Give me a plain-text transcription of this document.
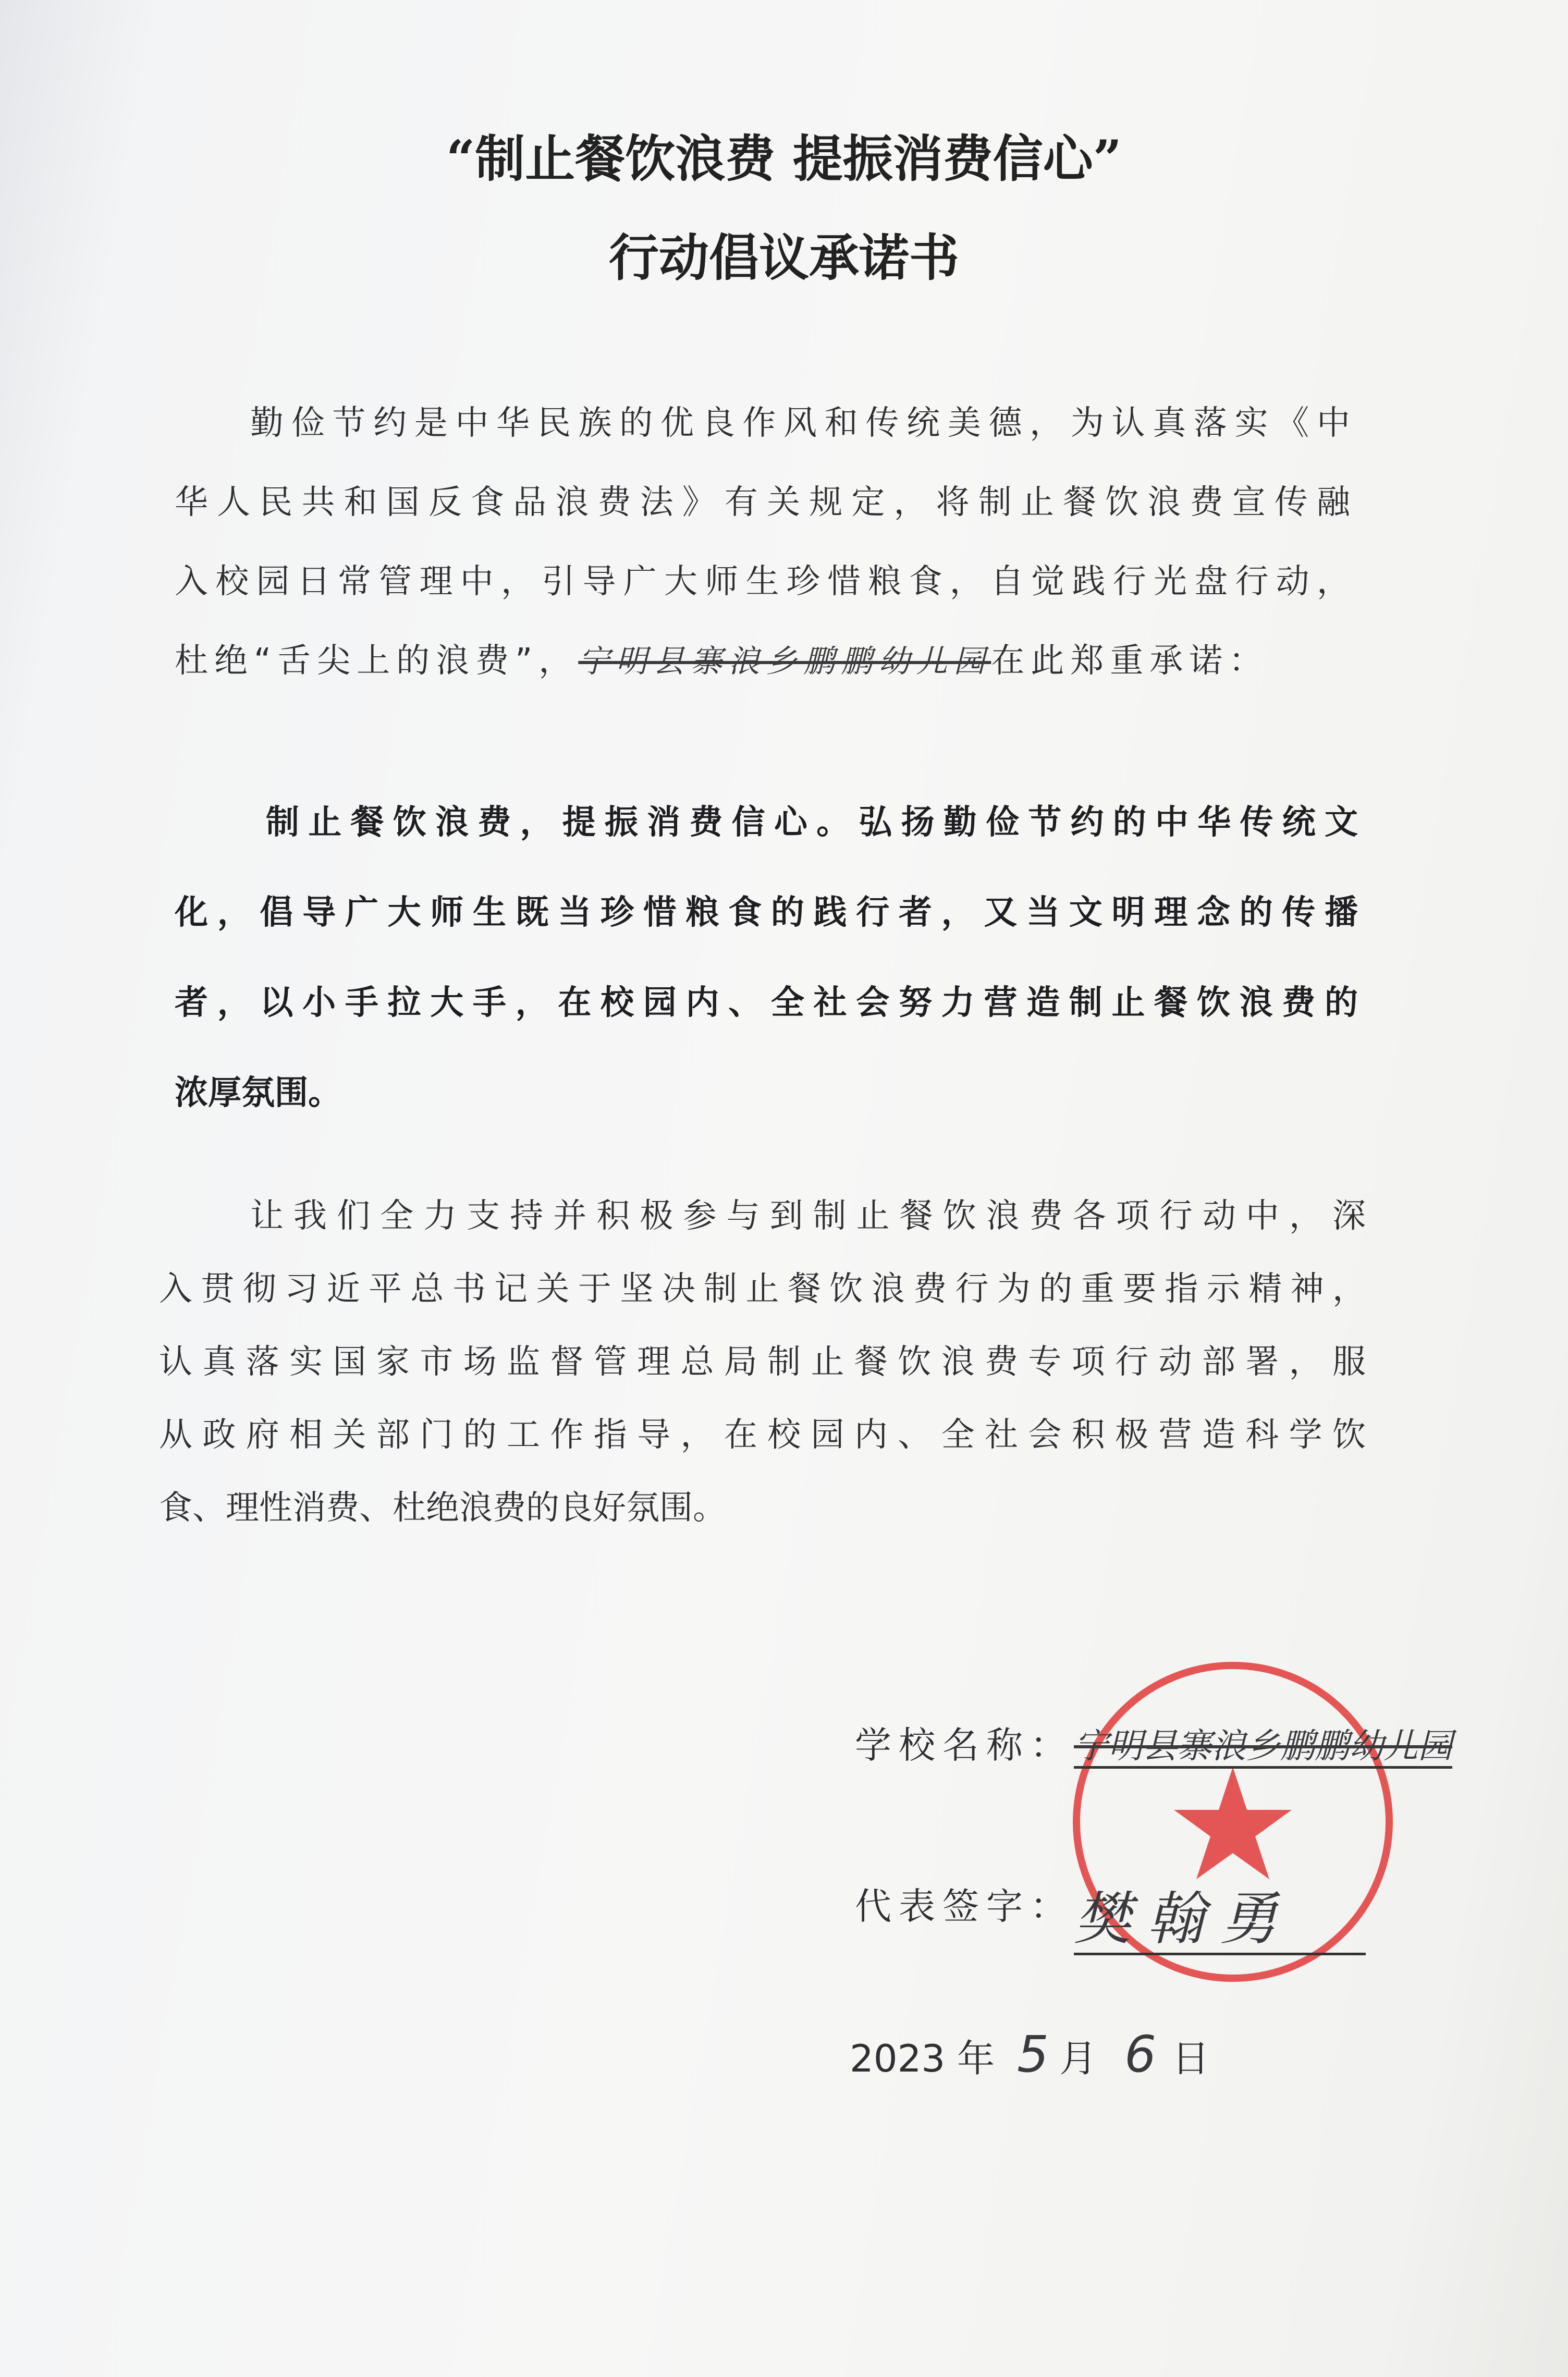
“制止餐饮浪费 提振消费信心”
行动倡议承诺书
勤俭节约是中华民族的优良作风和传统美德，为认真落实《中
华人民共和国反食品浪费法》有关规定，将制止餐饮浪费宣传融
入校园日常管理中，引导广大师生珍惜粮食，自觉践行光盘行动，
杜绝“舌尖上的浪费”，宁明县寨浪乡鹏鹏幼儿园在此郑重承诺：
制止餐饮浪费，提振消费信心。弘扬勤俭节约的中华传统文
化，倡导广大师生既当珍惜粮食的践行者，又当文明理念的传播
者，以小手拉大手，在校园内、全社会努力营造制止餐饮浪费的
浓厚氛围。
让我们全力支持并积极参与到制止餐饮浪费各项行动中，深
入贯彻习近平总书记关于坚决制止餐饮浪费行为的重要指示精神，
认真落实国家市场监督管理总局制止餐饮浪费专项行动部署，服
从政府相关部门的工作指导，在校园内、全社会积极营造科学饮
食、理性消费、杜绝浪费的良好氛围。
学校名称：宁明县寨浪乡鹏鹏幼儿园
代表签字：樊翰勇
2023 年 5 月 6 日
